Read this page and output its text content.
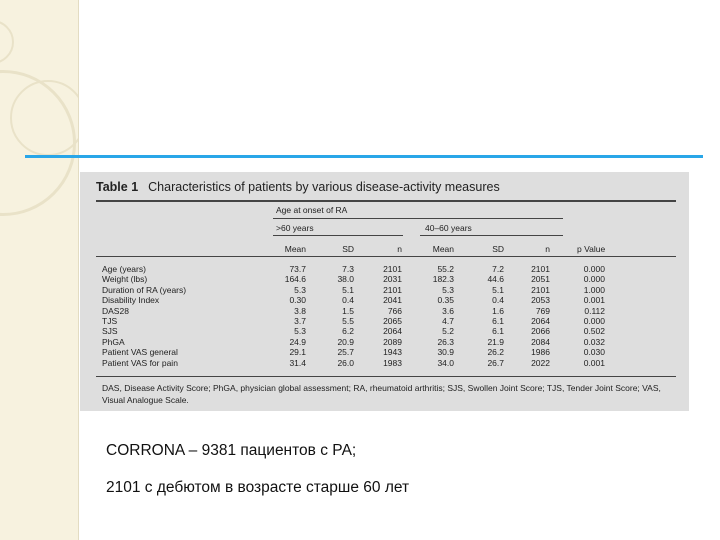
Table 1 Characteristics of patients by various disease-activity measures
Age at onset of RA
>60 years	40–60 years
Mean	SD	n	Mean	SD	n	p Value
Age (years)	73.7	7.3	2101	55.2	7.2	2101	0.000
Weight (lbs)	164.6	38.0	2031	182.3	44.6	2051	0.000
Duration of RA (years)	5.3	5.1	2101	5.3	5.1	2101	1.000
Disability Index	0.30	0.4	2041	0.35	0.4	2053	0.001
DAS28	3.8	1.5	766	3.6	1.6	769	0.112
TJS	3.7	5.5	2065	4.7	6.1	2064	0.000
SJS	5.3	6.2	2064	5.2	6.1	2066	0.502
PhGA	24.9	20.9	2089	26.3	21.9	2084	0.032
Patient VAS general	29.1	25.7	1943	30.9	26.2	1986	0.030
Patient VAS for pain	31.4	26.0	1983	34.0	26.7	2022	0.001
DAS, Disease Activity Score; PhGA, physician global assessment; RA, rheumatoid arthritis; SJS, Swollen Joint Score; TJS, Tender Joint Score; VAS, Visual Analogue Scale.
CORRONA – 9381 пациентов с РА;
2101 с дебютом в возрасте старше 60 лет
